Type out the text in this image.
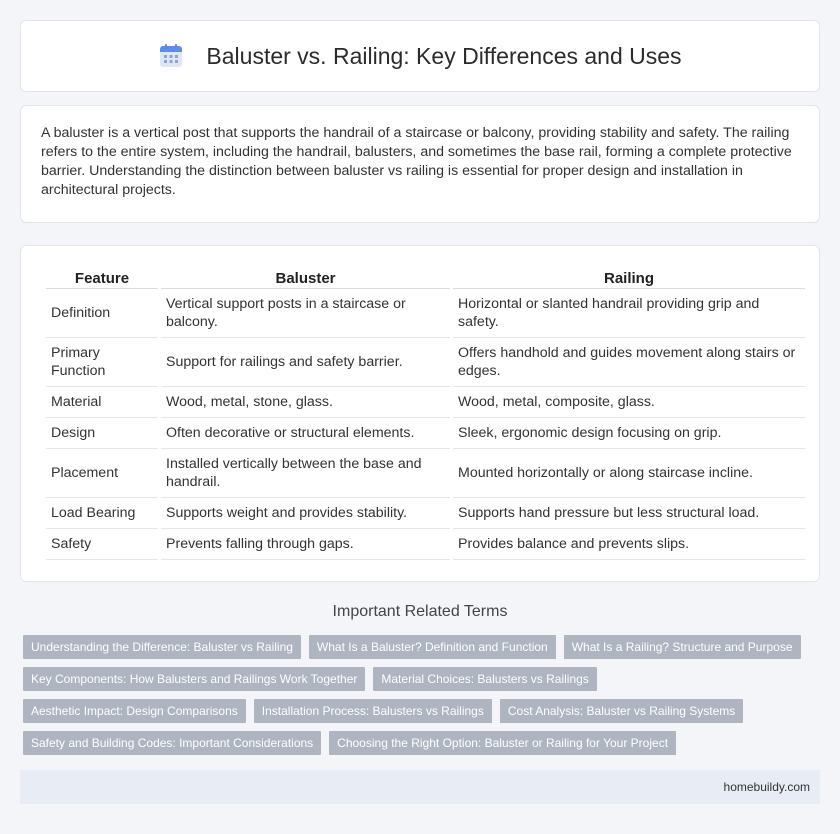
Baluster vs. Railing: Key Differences and Uses

A baluster is a vertical post that supports the handrail of a staircase or balcony, providing stability and safety. The railing refers to the entire system, including the handrail, balusters, and sometimes the base rail, forming a complete protective barrier. Understanding the distinction between baluster vs railing is essential for proper design and installation in architectural projects.

Feature	Baluster	Railing
Definition	Vertical support posts in a staircase or balcony.	Horizontal or slanted handrail providing grip and safety.
Primary Function	Support for railings and safety barrier.	Offers handhold and guides movement along stairs or edges.
Material	Wood, metal, stone, glass.	Wood, metal, composite, glass.
Design	Often decorative or structural elements.	Sleek, ergonomic design focusing on grip.
Placement	Installed vertically between the base and handrail.	Mounted horizontally or along staircase incline.
Load Bearing	Supports weight and provides stability.	Supports hand pressure but less structural load.
Safety	Prevents falling through gaps.	Provides balance and prevents slips.
Important Related Terms
Understanding the Difference: Baluster vs Railing	What Is a Baluster? Definition and Function	What Is a Railing? Structure and Purpose
Key Components: How Balusters and Railings Work Together	Material Choices: Balusters vs Railings
Aesthetic Impact: Design Comparisons	Installation Process: Balusters vs Railings	Cost Analysis: Baluster vs Railing Systems
Safety and Building Codes: Important Considerations	Choosing the Right Option: Baluster or Railing for Your Project
homebuildy.com
